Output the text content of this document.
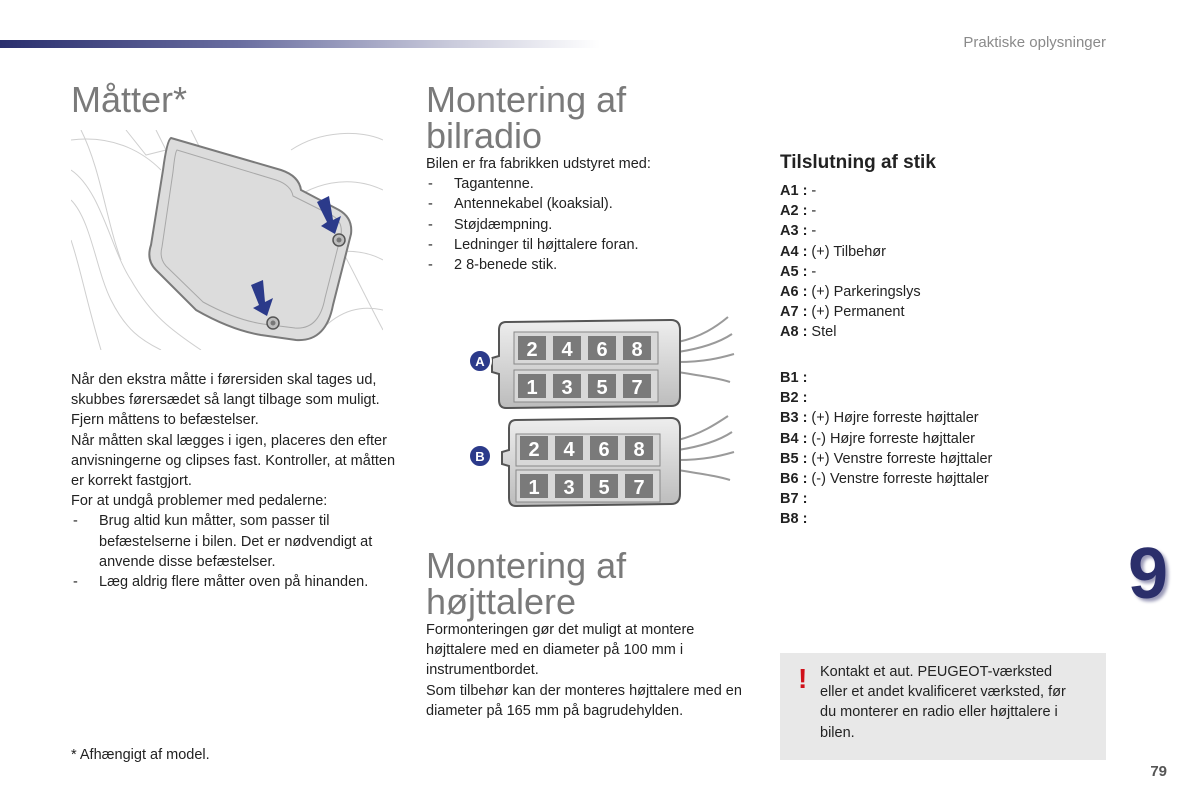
Praktiske oplysninger
Måtter*

Når den ekstra måtte i førersiden skal tages ud, skubbes førersædet så langt tilbage som muligt. Fjern måttens to befæstelser.

Når måtten skal lægges i igen, placeres den efter anvisningerne og clipses fast. Kontroller, at måtten er korrekt fastgjort.

For at undgå problemer med pedalerne:

- Brug altid kun måtter, som passer til befæstelserne i bilen. Det er nødvendigt at anvende disse befæstelser.
- Læg aldrig flere måtter oven på hinanden.
* Afhængigt af model.
Montering af
bilradio

Bilen er fra fabrikken udstyret med:

- Tagantenne.
- Antennekabel (koaksial).
- Støjdæmpning.
- Ledninger til højttalere foran.
- 2 8-benede stik.
2 4 6 8
1 3 5 7
2 4 6 8
1 3 5 7
A
B
Montering af
højttalere

Formonteringen gør det muligt at montere højttalere med en diameter på 100 mm i instrumentbordet.

Som tilbehør kan der monteres højttalere med en diameter på 165 mm på bagrudehylden.

Tilslutning af stik
A1 : -
A2 : -
A3 : -
A4 : (+) Tilbehør
A5 : -
A6 : (+) Parkeringslys
A7 : (+) Permanent
A8 : Stel
B1 :
B2 :
B3 : (+) Højre forreste højttaler
B4 : (-) Højre forreste højttaler
B5 : (+) Venstre forreste højttaler
B6 : (-) Venstre forreste højttaler
B7 :
B8 :
9
! Kontakt et aut. PEUGEOT-værksted eller et andet kvalificeret værksted, før du monterer en radio eller højttalere i bilen.
79
